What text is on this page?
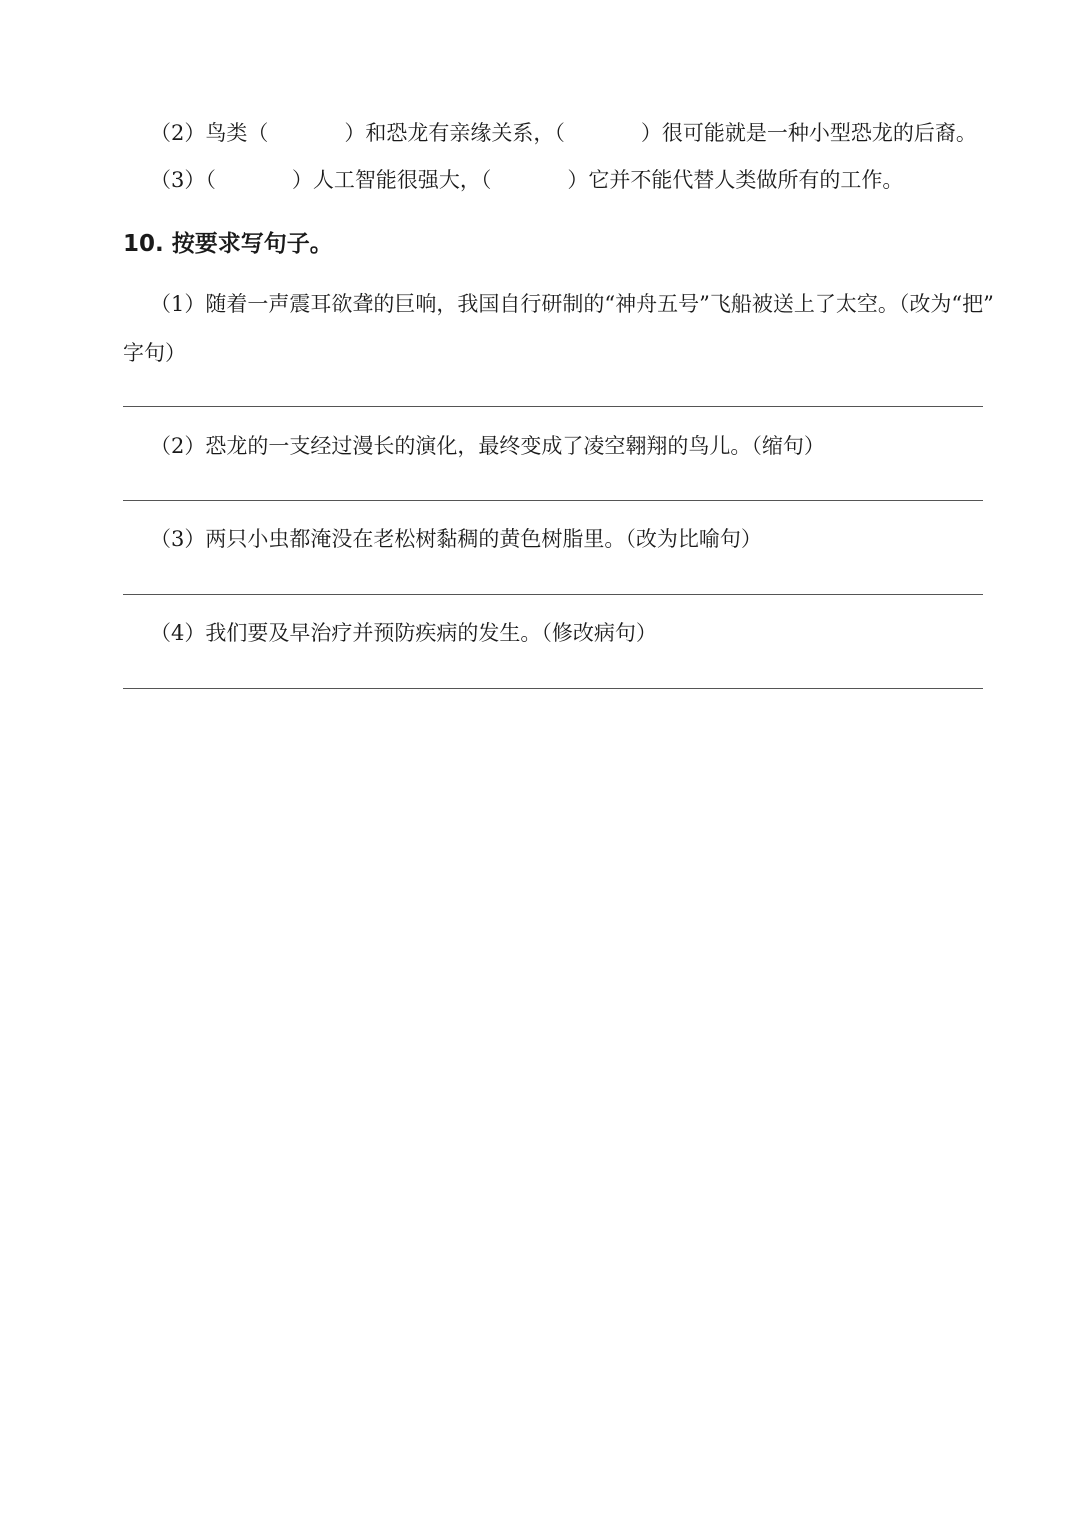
（2）鸟类（	）和恐龙有亲缘关系，（	）很可能就是一种小型恐龙的后裔。
（3）（	）人工智能很强大，（	）它并不能代替人类做所有的工作。
10. 按要求写句子。
（1）随着一声震耳欲聋的巨响，我国自行研制的“神舟五号”飞船被送上了太空。（改为“把”
字句）
（2）恐龙的一支经过漫长的演化，最终变成了凌空翱翔的鸟儿。（缩句）
（3）两只小虫都淹没在老松树黏稠的黄色树脂里。（改为比喻句）
（4）我们要及早治疗并预防疾病的发生。（修改病句）
